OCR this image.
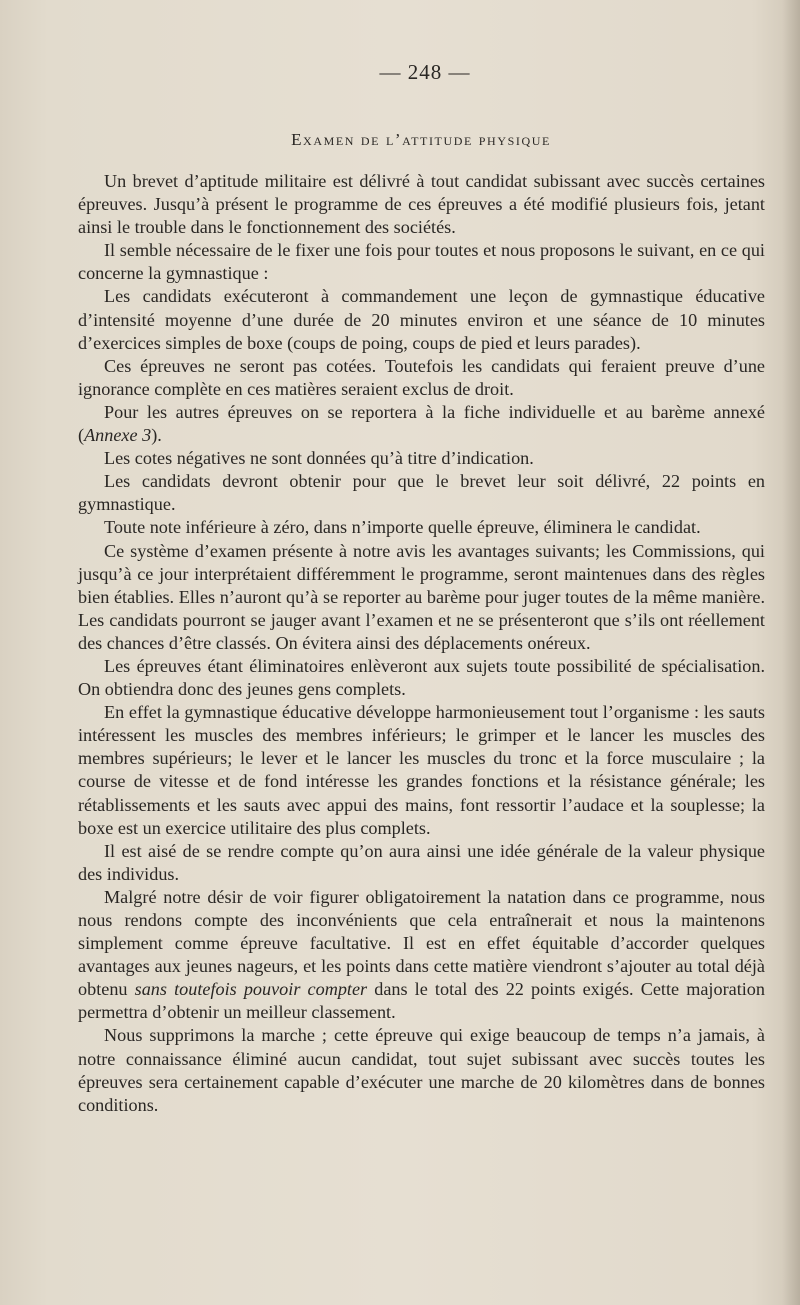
— 248 —
Examen de l’attitude physique

Un brevet d’aptitude militaire est délivré à tout candidat subissant avec succès certaines épreuves. Jusqu’à présent le programme de ces épreuves a été modifié plusieurs fois, jetant ainsi le trouble dans le fonctionnement des sociétés.

Il semble nécessaire de le fixer une fois pour toutes et nous proposons le suivant, en ce qui concerne la gymnastique :

Les candidats exécuteront à commandement une leçon de gymnastique éducative d’intensité moyenne d’une durée de 20 minutes environ et une séance de 10 minutes d’exercices simples de boxe (coups de poing, coups de pied et leurs parades).

Ces épreuves ne seront pas cotées. Toutefois les candidats qui feraient preuve d’une ignorance complète en ces matières seraient exclus de droit.

Pour les autres épreuves on se reportera à la fiche individuelle et au barème annexé (Annexe 3).

Les cotes négatives ne sont données qu’à titre d’indication.

Les candidats devront obtenir pour que le brevet leur soit délivré, 22 points en gymnastique.

Toute note inférieure à zéro, dans n’importe quelle épreuve, éliminera le candidat.

Ce système d’examen présente à notre avis les avantages suivants; les Commissions, qui jusqu’à ce jour interprétaient différemment le programme, seront maintenues dans des règles bien établies. Elles n’auront qu’à se reporter au barème pour juger toutes de la même manière. Les candidats pourront se jauger avant l’examen et ne se présenteront que s’ils ont réellement des chances d’être classés. On évitera ainsi des déplacements onéreux.

Les épreuves étant éliminatoires enlèveront aux sujets toute possibilité de spécialisation. On obtiendra donc des jeunes gens complets.

En effet la gymnastique éducative développe harmonieusement tout l’organisme : les sauts intéressent les muscles des membres inférieurs; le grimper et le lancer les muscles des membres supérieurs; le lever et le lancer les muscles du tronc et la force musculaire ; la course de vitesse et de fond intéresse les grandes fonctions et la résistance générale; les rétablissements et les sauts avec appui des mains, font ressortir l’audace et la souplesse; la boxe est un exercice utilitaire des plus complets.

Il est aisé de se rendre compte qu’on aura ainsi une idée générale de la valeur physique des individus.

Malgré notre désir de voir figurer obligatoirement la natation dans ce programme, nous nous rendons compte des inconvénients que cela entraînerait et nous la maintenons simplement comme épreuve facultative. Il est en effet équitable d’accorder quelques avantages aux jeunes nageurs, et les points dans cette matière viendront s’ajouter au total déjà obtenu sans toutefois pouvoir compter dans le total des 22 points exigés. Cette majoration permettra d’obtenir un meilleur classement.

Nous supprimons la marche ; cette épreuve qui exige beaucoup de temps n’a jamais, à notre connaissance éliminé aucun candidat, tout sujet subissant avec succès toutes les épreuves sera certainement capable d’exécuter une marche de 20 kilomètres dans de bonnes conditions.
